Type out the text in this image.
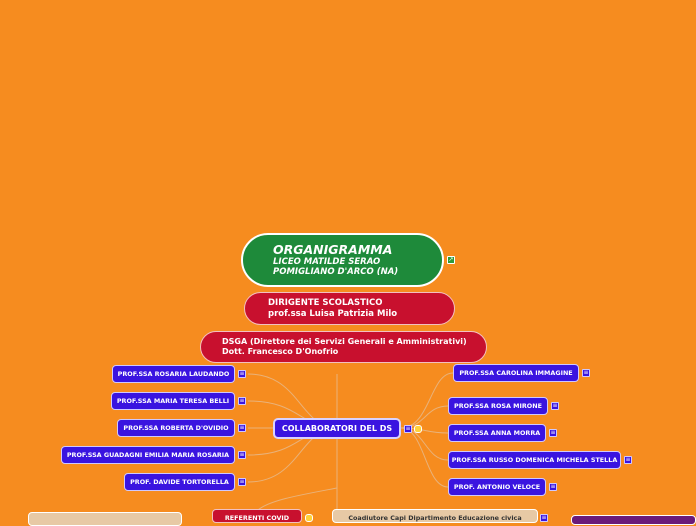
ORGANIGRAMMA
LICEO MATILDE SERAO
POMIGLIANO D'ARCO (NA)
↗
DIRIGENTE SCOLASTICO
prof.ssa Luisa Patrizia Milo
DSGA (Direttore dei Servizi Generali e Amministrativi)
Dott. Francesco D'Onofrio
COLLABORATORI DEL DS	≡
PROF.SSA ROSARIA LAUDANDO	≡
PROF.SSA MARIA TERESA BELLI	≡
PROF.SSA ROBERTA D'OVIDIO	≡
PROF.SSA GUADAGNI EMILIA MARIA ROSARIA	≡
PROF. DAVIDE TORTORELLA	≡
PROF.SSA CAROLINA IMMAGINE	≡
PROF.SSA ROSA MIRONE	≡
PROF.SSA ANNA MORRA	≡
PROF.SSA RUSSO DOMENICA MICHELA STELLA	≡
PROF. ANTONIO VELOCE	≡
REFERENTI COVID	Coadiutore Capi Dipartimento Educazione civica	≡
